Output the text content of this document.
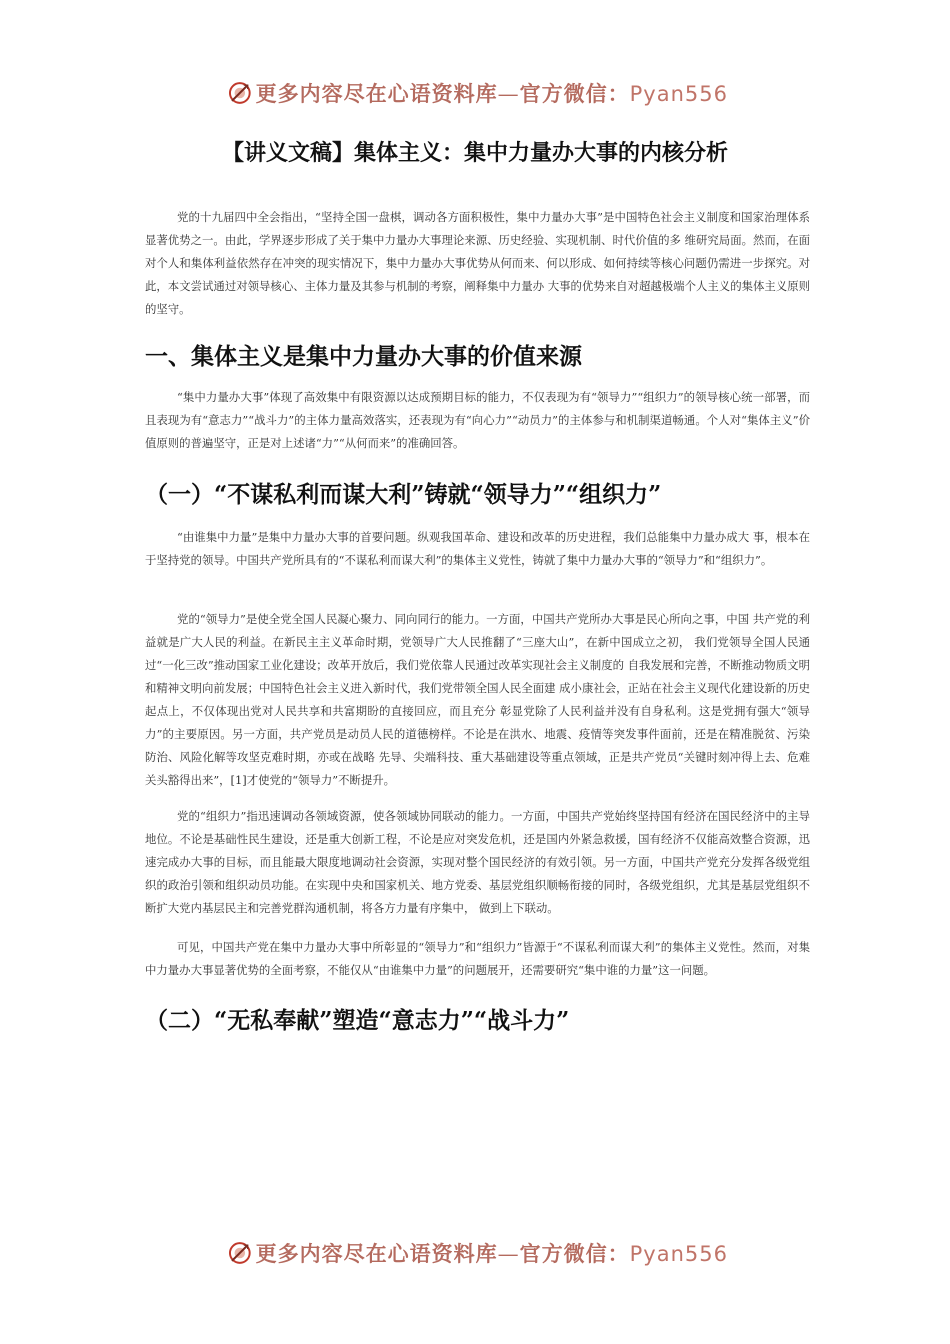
更多内容尽在心语资料库—官方微信：Pyan556
【讲义文稿】集体主义：集中力量办大事的内核分析

党的十九届四中全会指出，“坚持全国一盘棋，调动各方面积极性，集中力量办大事”是中国特色社会主义制度和国家治理体系显著优势之一。由此，学界逐步形成了关于集中力量办大事理论来源、历史经验、实现机制、时代价值的多 维研究局面。然而，在面对个人和集体利益依然存在冲突的现实情况下，集中力量办大事优势从何而来、何以形成、如何持续等核心问题仍需进一步探究。对此，本文尝试通过对领导核心、主体力量及其参与机制的考察，阐释集中力量办 大事的优势来自对超越极端个人主义的集体主义原则的坚守。

一、集体主义是集中力量办大事的价值来源

“集中力量办大事”体现了高效集中有限资源以达成预期目标的能力，不仅表现为有“领导力”“组织力”的领导核心统一部署，而且表现为有“意志力”“战斗力”的主体力量高效落实，还表现为有“向心力”“动员力”的主体参与和机制渠道畅通。个人对“集体主义”价值原则的普遍坚守，正是对上述诸“力”“从何而来”的准确回答。

（一）“不谋私利而谋大利”铸就“领导力”“组织力”

“由谁集中力量”是集中力量办大事的首要问题。纵观我国革命、建设和改革的历史进程，我们总能集中力量办成大 事，根本在于坚持党的领导。中国共产党所具有的“不谋私利而谋大利”的集体主义党性，铸就了集中力量办大事的“领导力”和“组织力”。

党的“领导力”是使全党全国人民凝心聚力、同向同行的能力。一方面，中国共产党所办大事是民心所向之事，中国 共产党的利益就是广大人民的利益。在新民主主义革命时期，党领导广大人民推翻了“三座大山”，在新中国成立之初， 我们党领导全国人民通过“一化三改”推动国家工业化建设；改革开放后，我们党依靠人民通过改革实现社会主义制度的 自我发展和完善，不断推动物质文明和精神文明向前发展；中国特色社会主义进入新时代，我们党带领全国人民全面建 成小康社会，正站在社会主义现代化建设新的历史起点上，不仅体现出党对人民共享和共富期盼的直接回应，而且充分 彰显党除了人民利益并没有自身私利。这是党拥有强大“领导力”的主要原因。另一方面，共产党员是动员人民的道德榜样。不论是在洪水、地震、疫情等突发事件面前，还是在精准脱贫、污染防治、风险化解等攻坚克难时期，亦或在战略 先导、尖端科技、重大基础建设等重点领域，正是共产党员“关键时刻冲得上去、危难关头豁得出来”，[1]才使党的“领导力”不断提升。

党的“组织力”指迅速调动各领域资源，使各领域协同联动的能力。一方面，中国共产党始终坚持国有经济在国民经济中的主导地位。不论是基础性民生建设，还是重大创新工程，不论是应对突发危机，还是国内外紧急救援，国有经济不仅能高效整合资源，迅速完成办大事的目标，而且能最大限度地调动社会资源，实现对整个国民经济的有效引领。另一方面，中国共产党充分发挥各级党组织的政治引领和组织动员功能。在实现中央和国家机关、地方党委、基层党组织顺畅衔接的同时，各级党组织，尤其是基层党组织不断扩大党内基层民主和完善党群沟通机制，将各方力量有序集中， 做到上下联动。

可见，中国共产党在集中力量办大事中所彰显的“领导力”和“组织力”皆源于“不谋私利而谋大利”的集体主义党性。然而，对集中力量办大事显著优势的全面考察，不能仅从“由谁集中力量”的问题展开，还需要研究“集中谁的力量”这一问题。

（二）“无私奉献”塑造“意志力”“战斗力”
更多内容尽在心语资料库—官方微信：Pyan556
